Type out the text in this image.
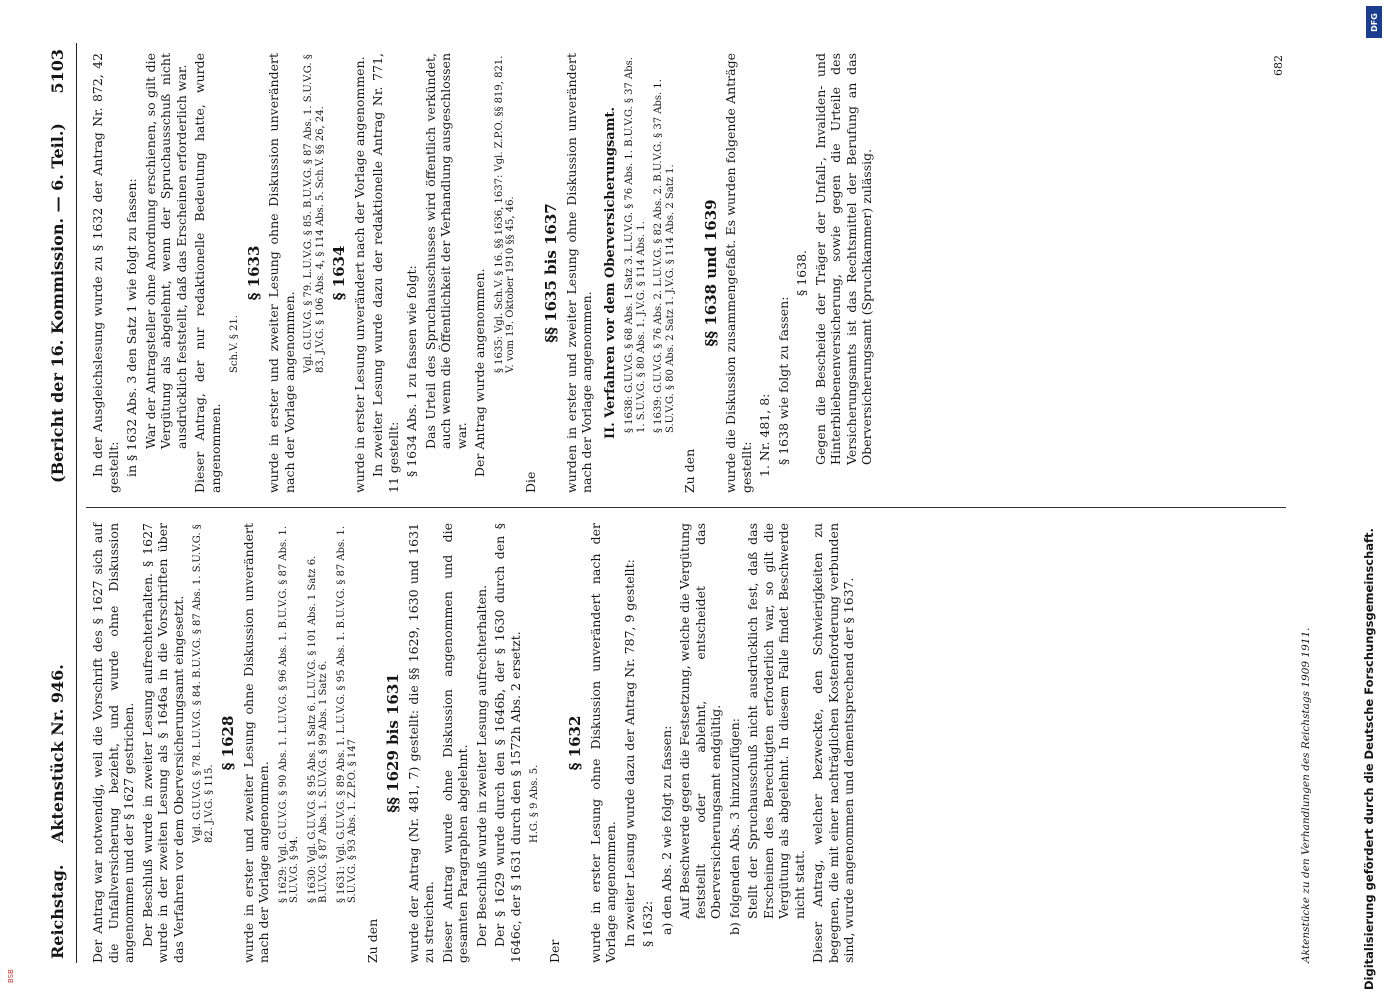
Reichstag.
Aktenstück Nr. 946.
(Bericht der 16. Kommission. — 6. Teil.)
5103

Der Antrag war notwendig, weil die Vorschrift des § 1627 sich auf die Unfallversicherung bezieht, und wurde ohne Diskussion angenommen und der § 1627 gestrichen. Der Beschluß wurde in zweiter Lesung aufrechterhalten. § 1627 wurde in der zweiten Lesung als § 1646a in die Vorschriften über das Verfahren vor dem Oberversicherungsamt eingesetzt. Vgl. G.U.V.G. § 78. L.U.V.G. § 84. B.U.V.G. § 87 Abs. 1. S.U.V.G. § 82. J.V.G. § 115.
§ 1628 wurde in erster und zweiter Lesung ohne Diskussion unverändert nach der Vorlage angenommen. § 1629: Vgl. G.U.V.G. § 90 Abs. 1. L.U.V.G. § 96 Abs. 1. B.U.V.G. § 87 Abs. 1. S.U.V.G. § 94. § 1630: Vgl. G.U.V.G. § 95 Abs. 1 Satz 6. L.U.V.G. § 101 Abs. 1 Satz 6. B.U.V.G. § 87 Abs. 1. S.U.V.G. § 99 Abs. 1 Satz 6. § 1631: Vgl. G.U.V.G. § 89 Abs. 1. L.U.V.G. § 95 Abs. 1. B.U.V.G. § 87 Abs. 1. S.U.V.G. § 93 Abs. 1. Z.P.O. § 147

Zu den

§§ 1629 bis 1631 wurde der Antrag (Nr. 481, 7) gestellt: die §§ 1629, 1630 und 1631 zu streichen. Dieser Antrag wurde ohne Diskussion angenommen und die gesamten Paragraphen abgelehnt. Der Beschluß wurde in zweiter Lesung aufrechterhalten. Der § 1629 wurde durch den § 1646b, der § 1630 durch den § 1646c, der § 1631 durch den § 1572h Abs. 2 ersetzt. H.G. § 9 Abs. 5.

Der

§ 1632 wurde in erster Lesung ohne Diskussion unverändert nach der Vorlage angenommen. In zweiter Lesung wurde dazu der Antrag Nr. 787, 9 gestellt: § 1632: a) den Abs. 2 wie folgt zu fassen: Auf Beschwerde gegen die Festsetzung, welche die Vergütung feststellt oder ablehnt, entscheidet das Oberversicherungsamt endgültig. b) folgenden Abs. 3 hinzuzufügen: Stellt der Spruchausschuß nicht ausdrücklich fest, daß das Erscheinen des Berechtigten erforderlich war, so gilt die Vergütung als abgelehnt. In diesem Falle findet Beschwerde nicht statt. Dieser Antrag, welcher bezweckte, den Schwierigkeiten zu begegnen, die mit einer nachträglichen Kostenforderung verbunden sind, wurde angenommen und dementsprechend der § 1637.

In der Ausgleichslesung wurde zu § 1632 der Antrag Nr. 872, 42 gestellt: in § 1632 Abs. 3 den Satz 1 wie folgt zu fassen: War der Antragsteller ohne Anordnung erschienen, so gilt die Vergütung als abgelehnt, wenn der Spruchausschuß nicht ausdrücklich feststellt, daß das Erscheinen erforderlich war. Dieser Antrag, der nur redaktionelle Bedeutung hatte, wurde angenommen.

Sch.V. § 21.
§ 1633 wurde in erster und zweiter Lesung ohne Diskussion unverändert nach der Vorlage angenommen.

Vgl. G.U.V.G. § 79. L.U.V.G. § 85. B.U.V.G. § 87 Abs. 1. S.U.V.G. § 83. J.V.G. § 106 Abs. 4, § 114 Abs. 5. Sch.V. §§ 26, 24. § 1634 wurde in erster Lesung unverändert nach der Vorlage angenommen. In zweiter Lesung wurde dazu der redaktionelle Antrag Nr. 771, 11 gestellt: § 1634 Abs. 1 zu fassen wie folgt: Das Urteil des Spruchausschusses wird öffentlich verkündet, auch wenn die Öffentlichkeit der Verhandlung ausgeschlossen war. Der Antrag wurde angenommen. § 1635: Vgl. Sch.V. § 16. §§ 1636, 1637: Vgl. Z.P.O. §§ 819, 821. V. vom 19. Oktober 1910 §§ 45, 46.

Die

§§ 1635 bis 1637 wurden in erster und zweiter Lesung ohne Diskussion unverändert nach der Vorlage angenommen. II. Verfahren vor dem Oberversicherungsamt. § 1638: G.U.V.G. § 68 Abs. 1 Satz 3. L.U.V.G. § 76 Abs. 1. B.U.V.G. § 37 Abs. 1. S.U.V.G. § 80 Abs. 1. J.V.G. § 114 Abs. 1. § 1639: G.U.V.G. § 76 Abs. 2. L.U.V.G. § 82 Abs. 2. B.U.V.G. § 37 Abs. 1. S.U.V.G. § 80 Abs. 2 Satz 1. J.V.G. § 114 Abs. 2 Satz 1.

Zu den

§§ 1638 und 1639 wurde die Diskussion zusammengefaßt. Es wurden folgende Anträge gestellt: 1. Nr. 481, 8: § 1638 wie folgt zu fassen:

§ 1638. Gegen die Bescheide der Träger der Unfall-, Invaliden- und Hinterbliebenenversicherung, sowie gegen die Urteile des Versicherungsamts ist das Rechtsmittel der Berufung an das Oberversicherungsamt (Spruchkammer) zulässig.

682
Aktenstücke zu den Verhandlungen des Reichstags 1909 1911.	Digitalisierung gefördert durch die Deutsche Forschungsgemeinschaft.
DFG
BSB
